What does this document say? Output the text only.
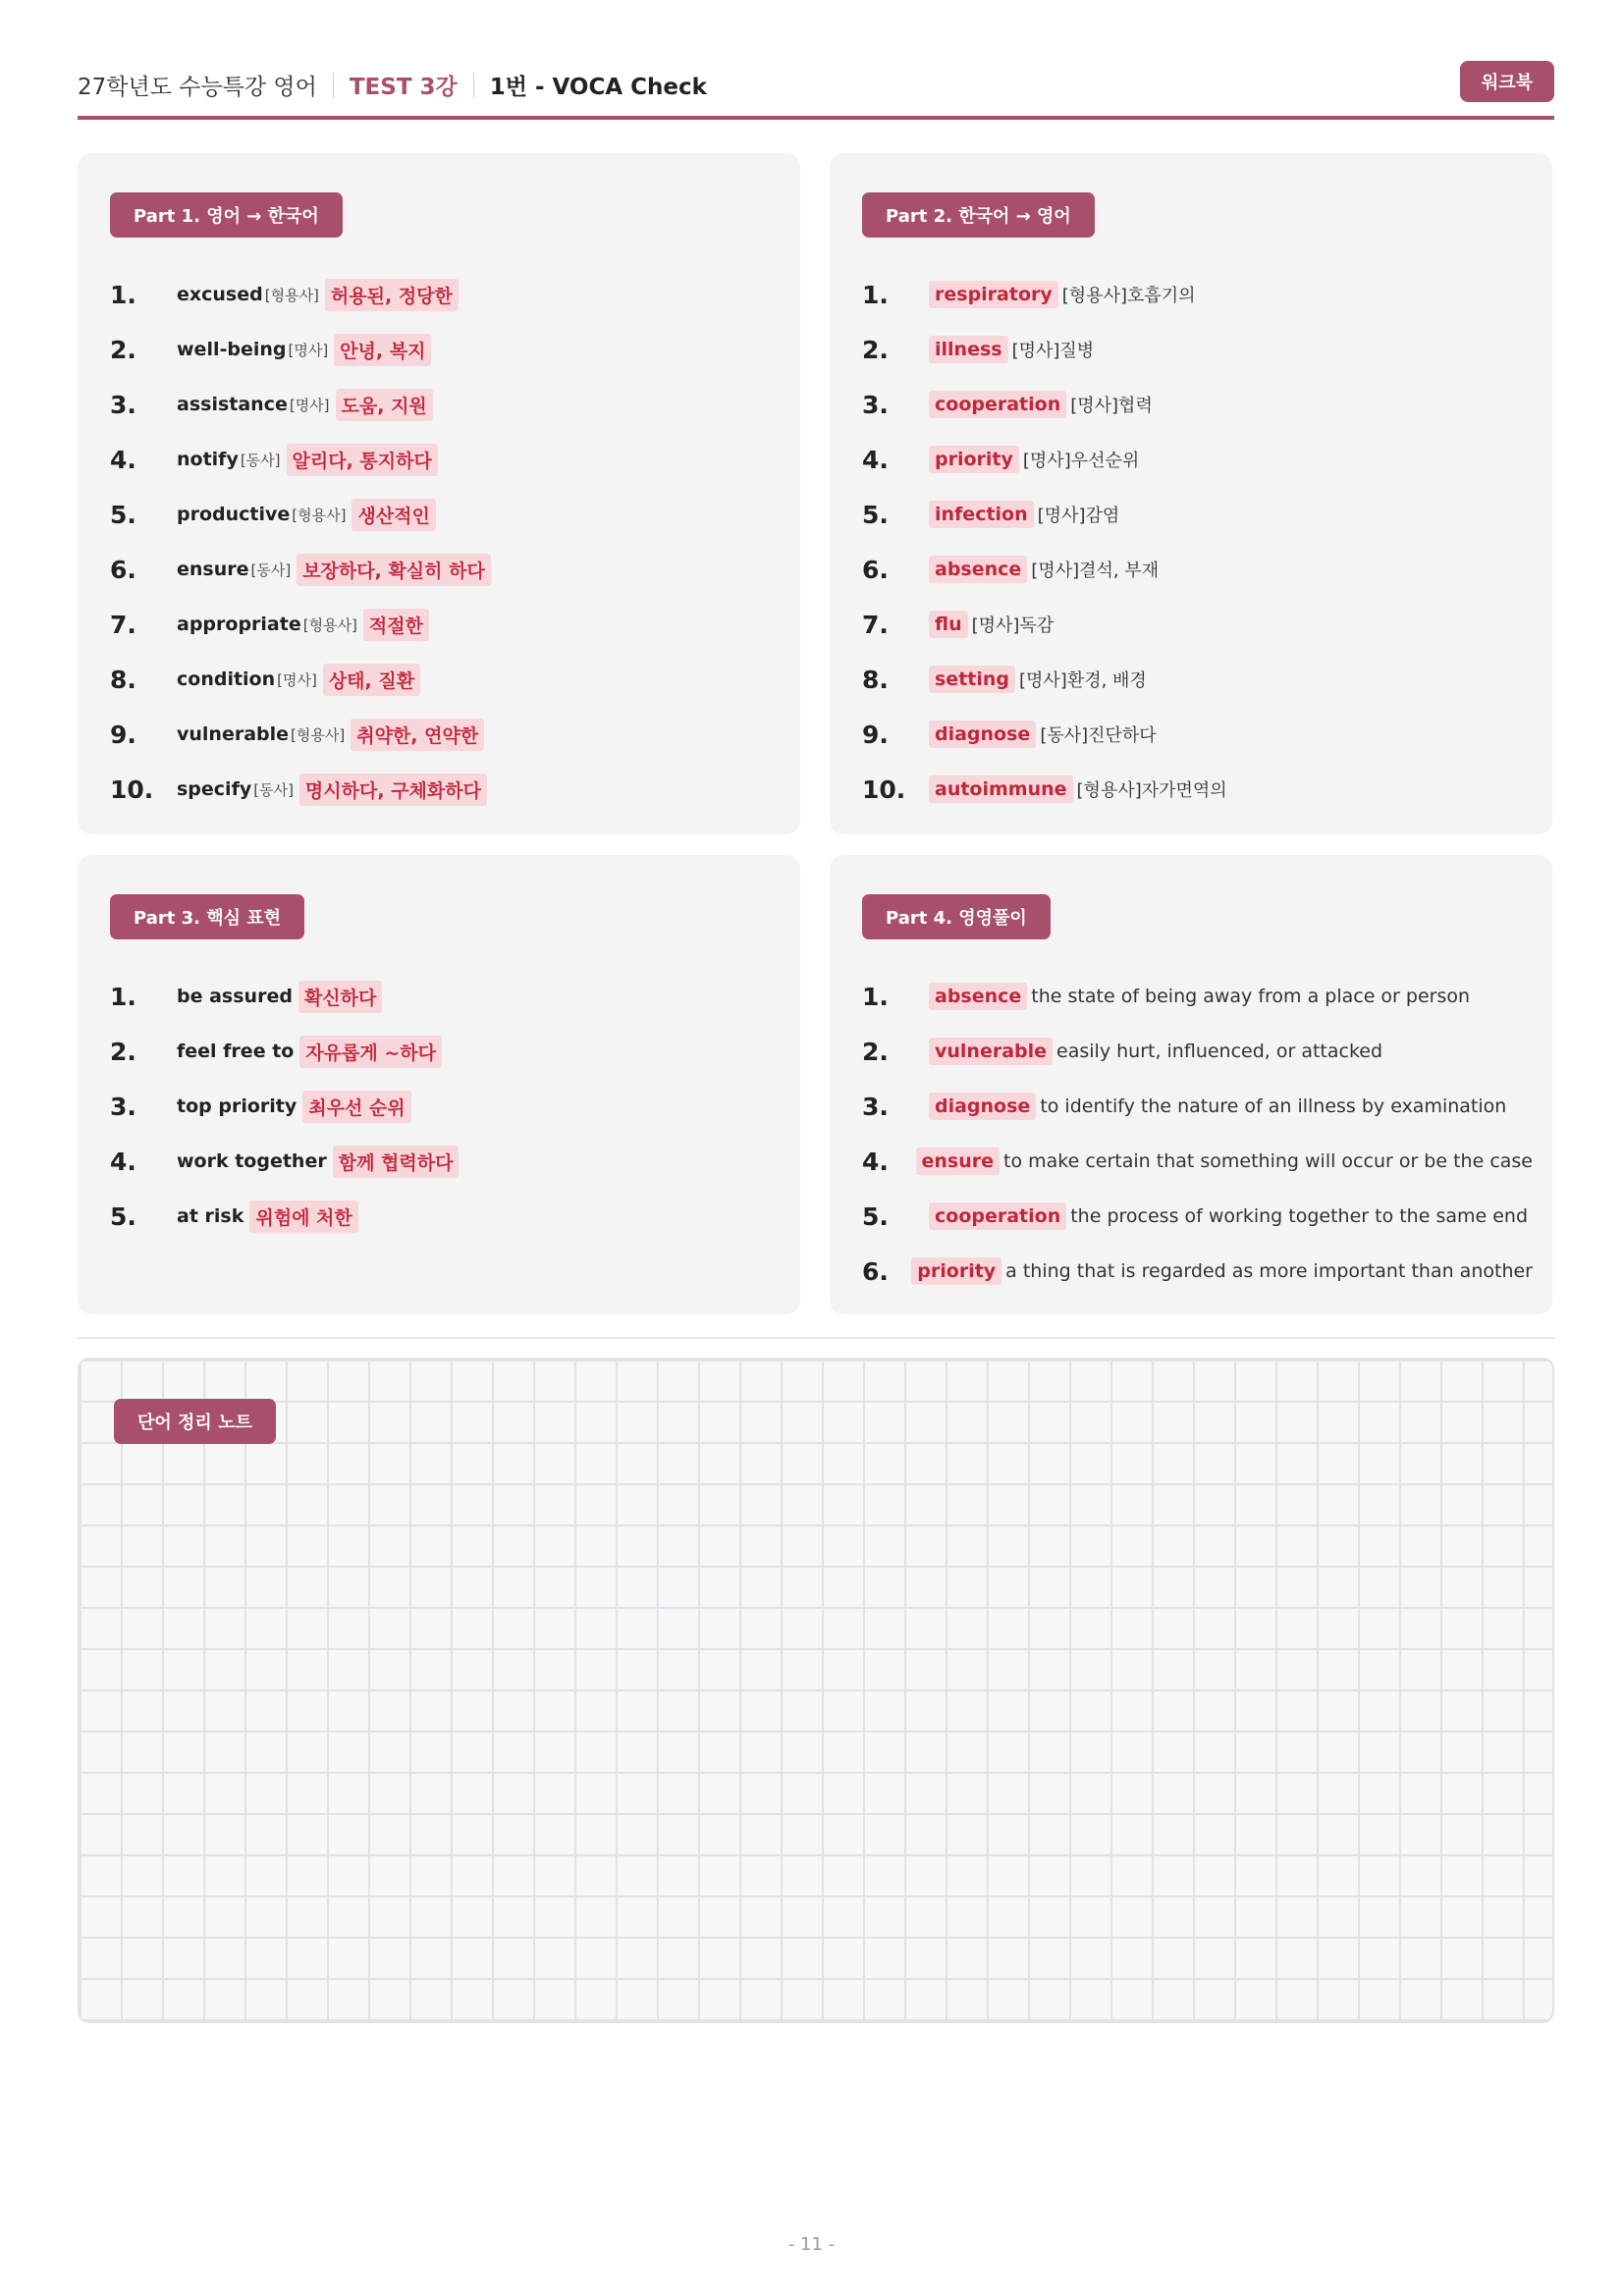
27학년도 수능특강 영어 TEST 3강 1번 - VOCA Check	워크북
Part 1. 영어 → 한국어
1.	excused [형용사] 허용된, 정당한
2.	well-being [명사] 안녕, 복지
3.	assistance [명사] 도움, 지원
4.	notify [동사] 알리다, 통지하다
5.	productive [형용사] 생산적인
6.	ensure [동사] 보장하다, 확실히 하다
7.	appropriate [형용사] 적절한
8.	condition [명사] 상태, 질환
9.	vulnerable [형용사] 취약한, 연약한
10.	specify [동사] 명시하다, 구체화하다
Part 2. 한국어 → 영어
1.	respiratory [형용사]호흡기의
2.	illness [명사]질병
3.	cooperation [명사]협력
4.	priority [명사]우선순위
5.	infection [명사]감염
6.	absence [명사]결석, 부재
7.	flu [명사]독감
8.	setting [명사]환경, 배경
9.	diagnose [동사]진단하다
10.	autoimmune [형용사]자가면역의
Part 3. 핵심 표현
1.	be assured 확신하다
2.	feel free to 자유롭게 ~하다
3.	top priority 최우선 순위
4.	work together 함께 협력하다
5.	at risk 위험에 처한
Part 4. 영영풀이
1.	absence the state of being away from a place or person
2.	vulnerable easily hurt, influenced, or attacked
3.	diagnose to identify the nature of an illness by examination
4.	ensure to make certain that something will occur or be the case
5.	cooperation the process of working together to the same end
6.	priority a thing that is regarded as more important than another
단어 정리 노트
- 11 -
